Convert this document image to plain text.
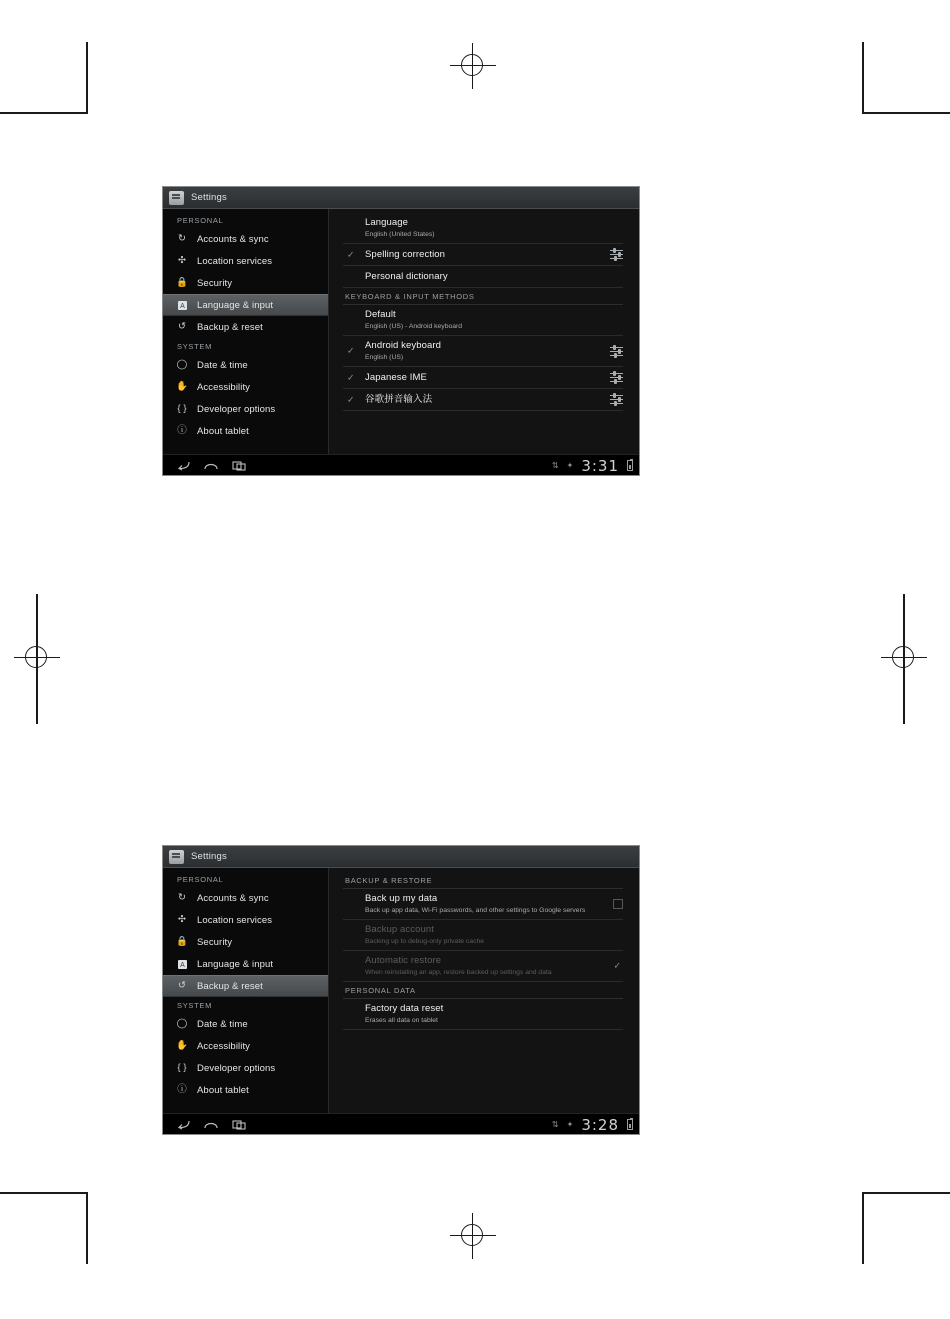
Settings
PERSONAL
↻	Accounts & sync
✣	Location services
🔒 Security
A Language & input
↺	Backup & reset
SYSTEM
◯ Date & time
✋ Accessibility
{ } Developer options
ⓘ About tablet
Language
English (United States)
✓ Spelling correction
Personal dictionary
KEYBOARD & INPUT METHODS
Default
English (US) - Android keyboard
✓ Android keyboard
English (US)
✓ Japanese IME
✓ 谷歌拼音输入法
⇅ ✦ 3:31
Settings
PERSONAL
↻	Accounts & sync
✣	Location services
🔒 Security
A Language & input
↺	Backup & reset
SYSTEM
◯ Date & time
✋ Accessibility
{ } Developer options
ⓘ About tablet
BACKUP & RESTORE
Back up my data
Back up app data, Wi-Fi passwords, and other settings to Google servers
Backup account
Backing up to debug-only private cache
Automatic restore
When reinstalling an app, restore backed up settings and data
✓
PERSONAL DATA
Factory data reset
Erases all data on tablet
⇅ ✦ 3:28
